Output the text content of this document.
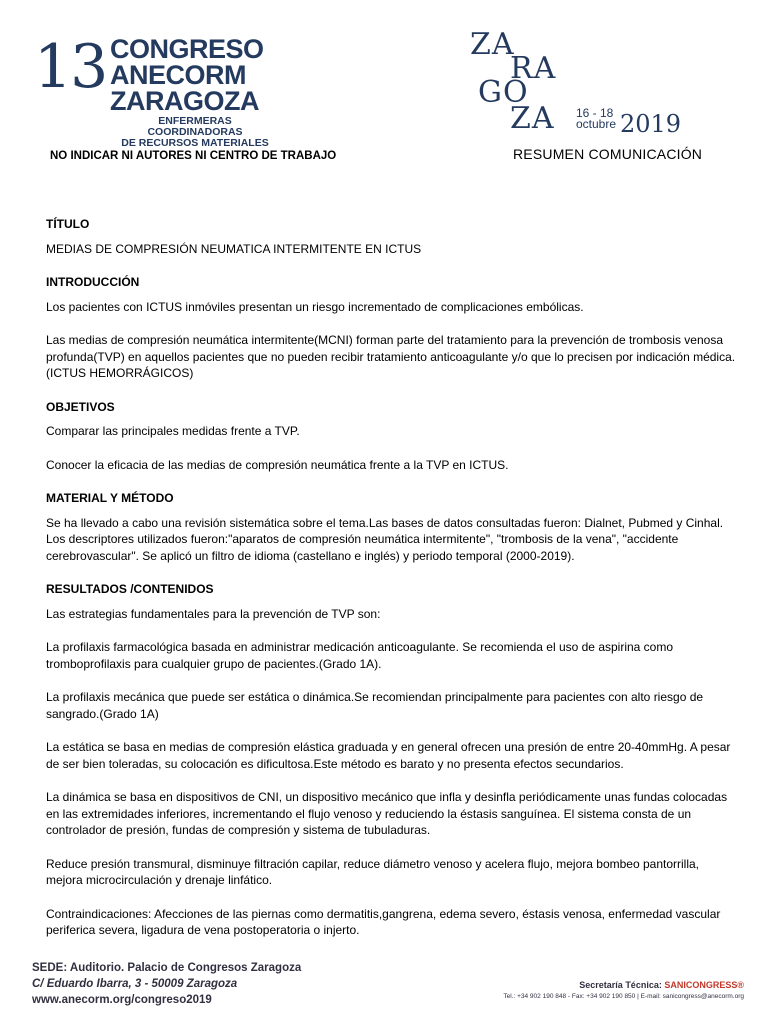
13 CONGRESO
ANECORM
ZARAGOZA
ENFERMERAS COORDINADORAS
DE RECURSOS MATERIALES
ZA
RA
GO
ZA 16 - 18
octubre 2019
NO INDICAR NI AUTORES NI CENTRO DE TRABAJO	RESUMEN COMUNICACIÓN

TÍTULO

MEDIAS DE COMPRESIÓN NEUMATICA INTERMITENTE EN ICTUS

INTRODUCCIÓN

Los pacientes con ICTUS inmóviles presentan un riesgo incrementado de complicaciones embólicas.

Las medias de compresión neumática intermitente(MCNI) forman parte del tratamiento para la prevención de trombosis venosa profunda(TVP) en aquellos pacientes que no pueden recibir tratamiento anticoagulante y/o que lo precisen por indicación médica.(ICTUS HEMORRÁGICOS)

OBJETIVOS

Comparar las principales medidas frente a TVP.

Conocer la eficacia de las medias de compresión neumática frente a la TVP en ICTUS.

MATERIAL Y MÉTODO

Se ha llevado a cabo una revisión sistemática sobre el tema.Las bases de datos consultadas fueron: Dialnet, Pubmed y Cinhal. Los descriptores utilizados fueron:"aparatos de compresión neumática intermitente", "trombosis de la vena", "accidente cerebrovascular". Se aplicó un filtro de idioma (castellano e inglés) y periodo temporal (2000-2019).

RESULTADOS /CONTENIDOS

Las estrategias fundamentales para la prevención de TVP son:

La profilaxis farmacológica basada en administrar medicación anticoagulante. Se recomienda el uso de aspirina como tromboprofilaxis para cualquier grupo de pacientes.(Grado 1A).

La profilaxis mecánica que puede ser estática o dinámica.Se recomiendan principalmente para pacientes con alto riesgo de sangrado.(Grado 1A)

La estática se basa en medias de compresión elástica graduada y en general ofrecen una presión de entre 20-40mmHg. A pesar de ser bien toleradas, su colocación es dificultosa.Este método es barato y no presenta efectos secundarios.

La dinámica se basa en dispositivos de CNI, un dispositivo mecánico que infla y desinfla periódicamente unas fundas colocadas en las extremidades inferiores, incrementando el flujo venoso y reduciendo la éstasis sanguínea. El sistema consta de un controlador de presión, fundas de compresión y sistema de tubuladuras.

Reduce presión transmural, disminuye filtración capilar, reduce diámetro venoso y acelera flujo, mejora bombeo pantorrilla, mejora microcirculación y drenaje linfático.

Contraindicaciones: Afecciones de las piernas como dermatitis,gangrena, edema severo, éstasis venosa, enfermedad vascular periferica severa, ligadura de vena postoperatoria o injerto.

SEDE: Auditorio. Palacio de Congresos Zaragoza
C/ Eduardo Ibarra, 3 - 50009 Zaragoza
www.anecorm.org/congreso2019
Secretaría Técnica: SANICONGRESS®
Tel.: +34 902 190 848 - Fax: +34 902 190 850 | E-mail: sanicongress@anecorm.org
